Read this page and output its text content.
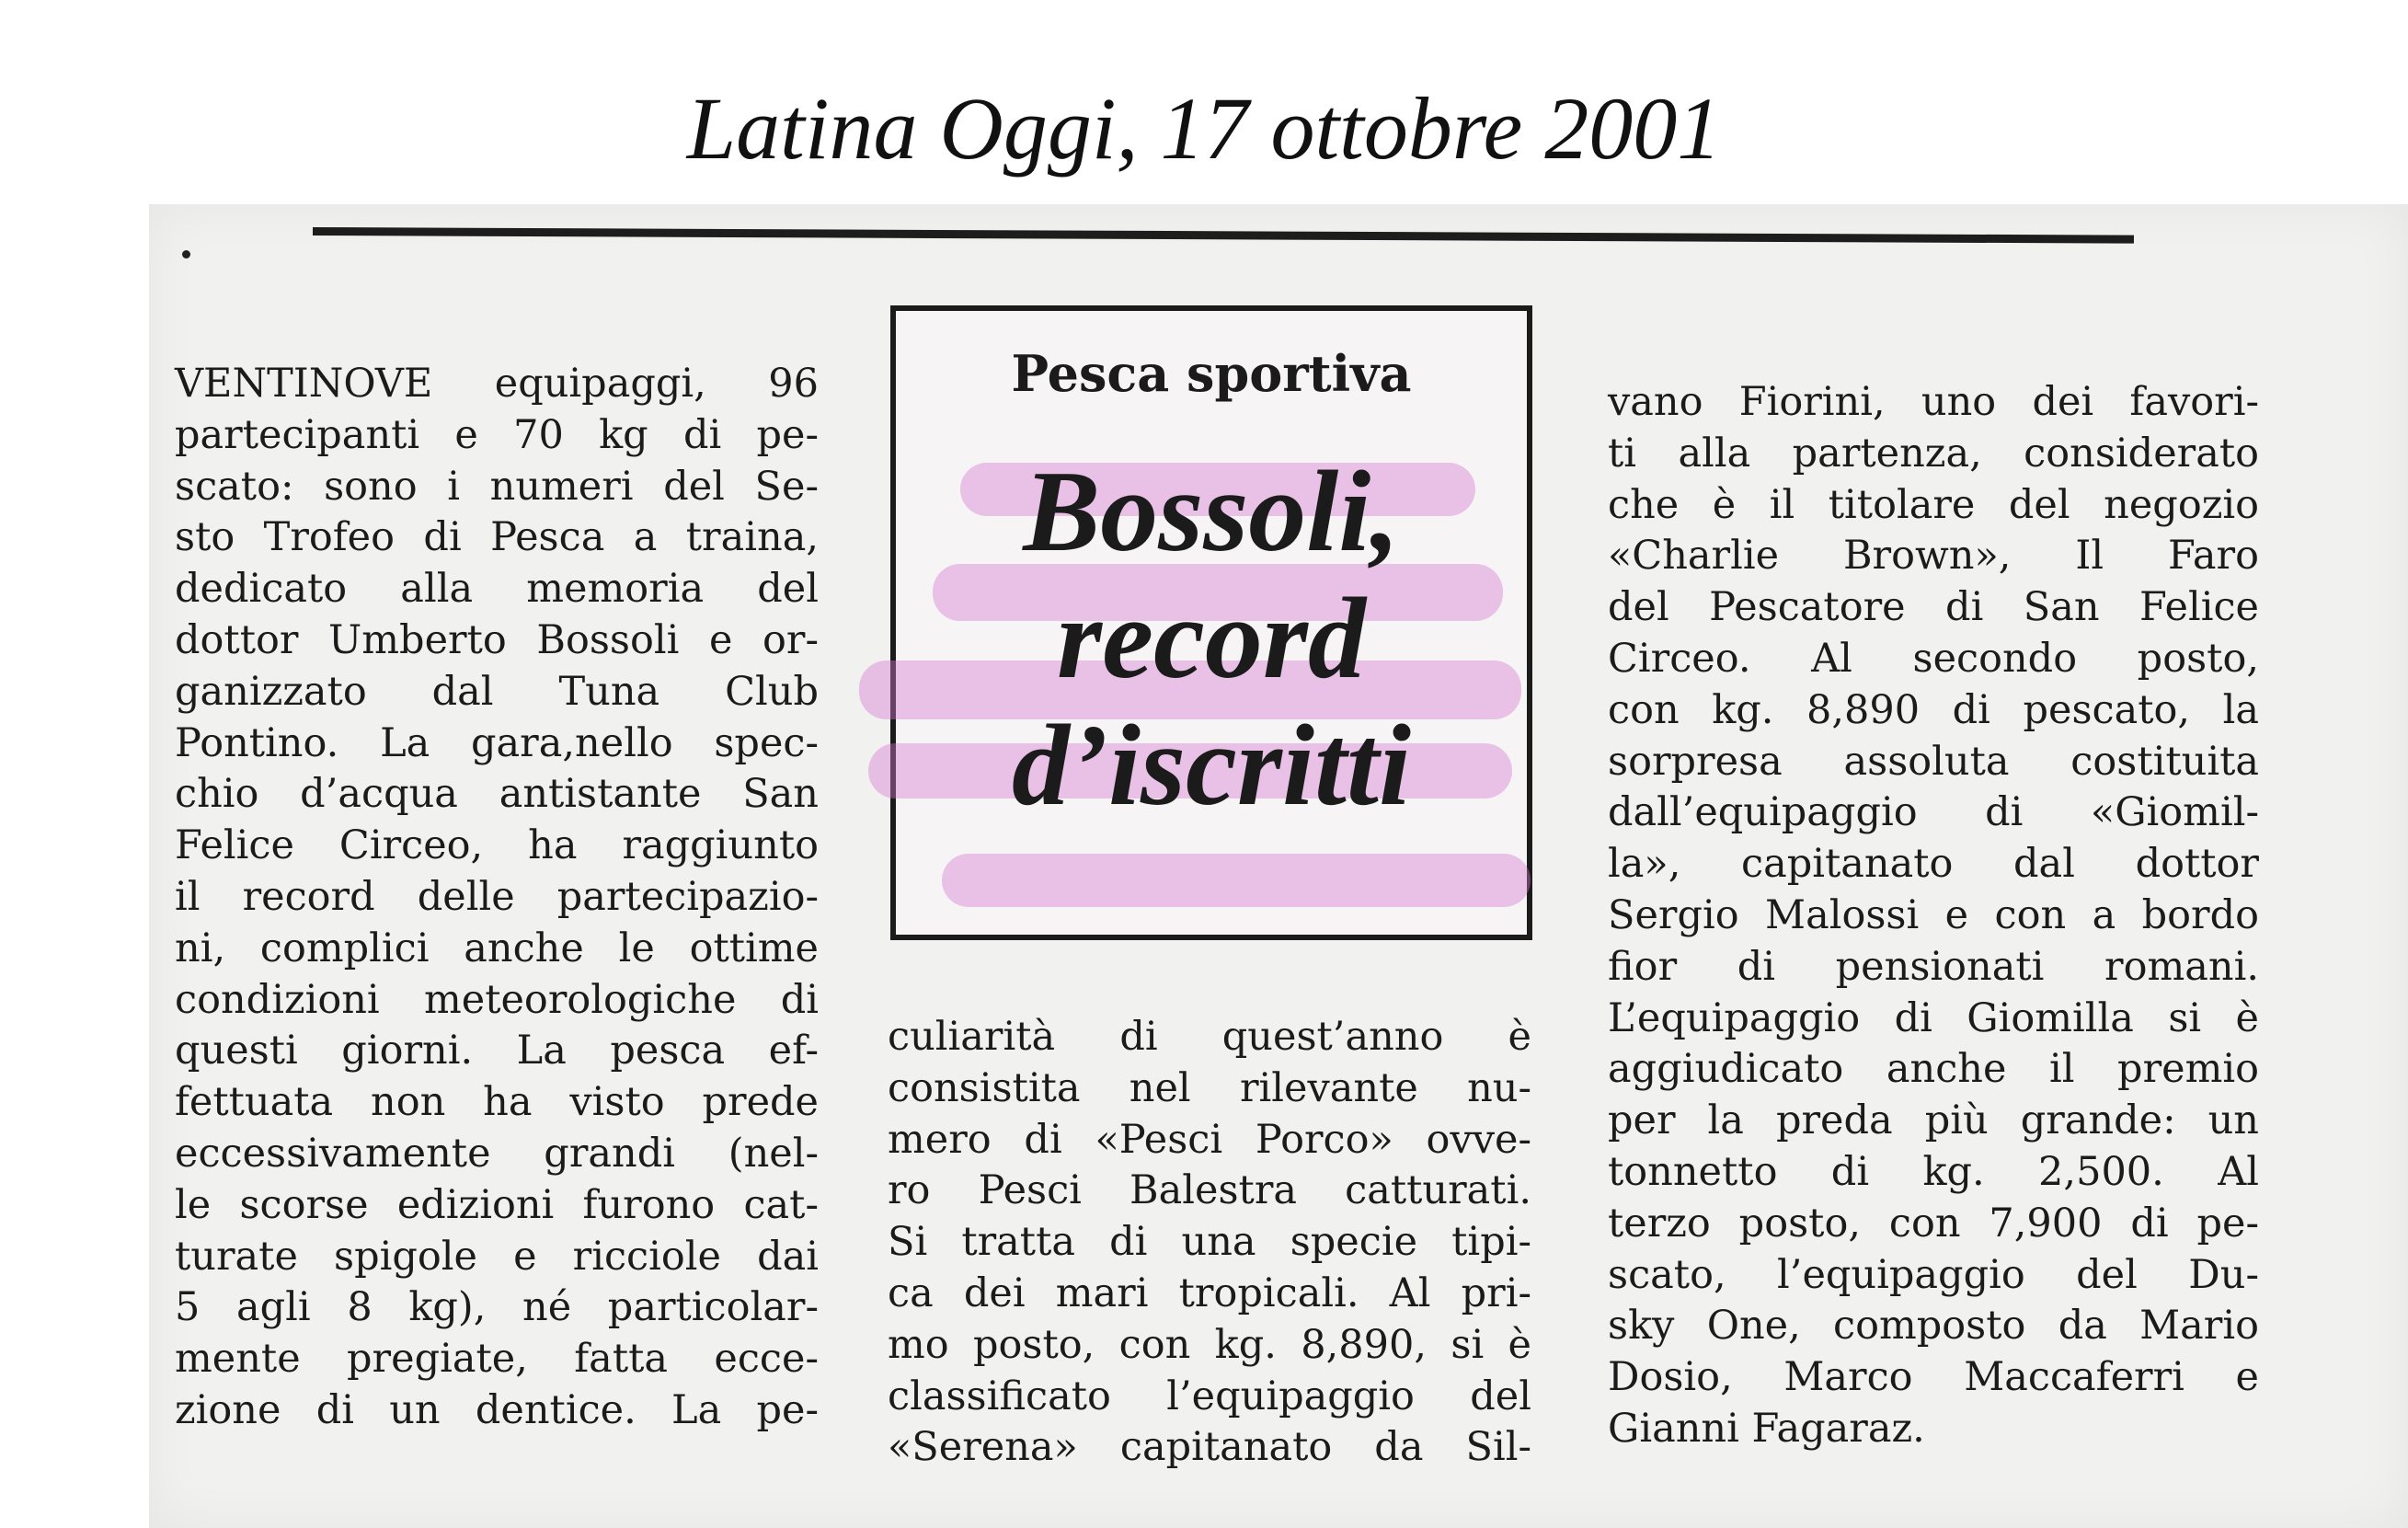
Latina Oggi, 17 ottobre 2001
VENTINOVE equipaggi, 96
partecipanti e 70 kg di pe-
scato: sono i numeri del Se-
sto Trofeo di Pesca a traina,
dedicato alla memoria del
dottor Umberto Bossoli e or-
ganizzato dal Tuna Club
Pontino. La gara,nello spec-
chio d’acqua antistante San
Felice Circeo, ha raggiunto
il record delle partecipazio-
ni, complici anche le ottime
condizioni meteorologiche di
questi giorni. La pesca ef-
fettuata non ha visto prede
eccessivamente grandi (nel-
le scorse edizioni furono cat-
turate spigole e ricciole dai
5 agli 8 kg), né particolar-
mente pregiate, fatta ecce-
zione di un dentice. La pe-
Pesca sportiva
Bossoli,
record
d’iscritti
culiarità di quest’anno è
consistita nel rilevante nu-
mero di «Pesci Porco» ovve-
ro Pesci Balestra catturati.
Si tratta di una specie tipi-
ca dei mari tropicali. Al pri-
mo posto, con kg. 8,890, si è
classificato l’equipaggio del
«Serena» capitanato da Sil-
vano Fiorini, uno dei favori-
ti alla partenza, considerato
che è il titolare del negozio
«Charlie Brown», Il Faro
del Pescatore di San Felice
Circeo. Al secondo posto,
con kg. 8,890 di pescato, la
sorpresa assoluta costituita
dall’equipaggio di «Giomil-
la», capitanato dal dottor
Sergio Malossi e con a bordo
fior di pensionati romani.
L’equipaggio di Giomilla si è
aggiudicato anche il premio
per la preda più grande: un
tonnetto di kg. 2,500. Al
terzo posto, con 7,900 di pe-
scato, l’equipaggio del Du-
sky One, composto da Mario
Dosio, Marco Maccaferri e
Gianni Fagaraz.
